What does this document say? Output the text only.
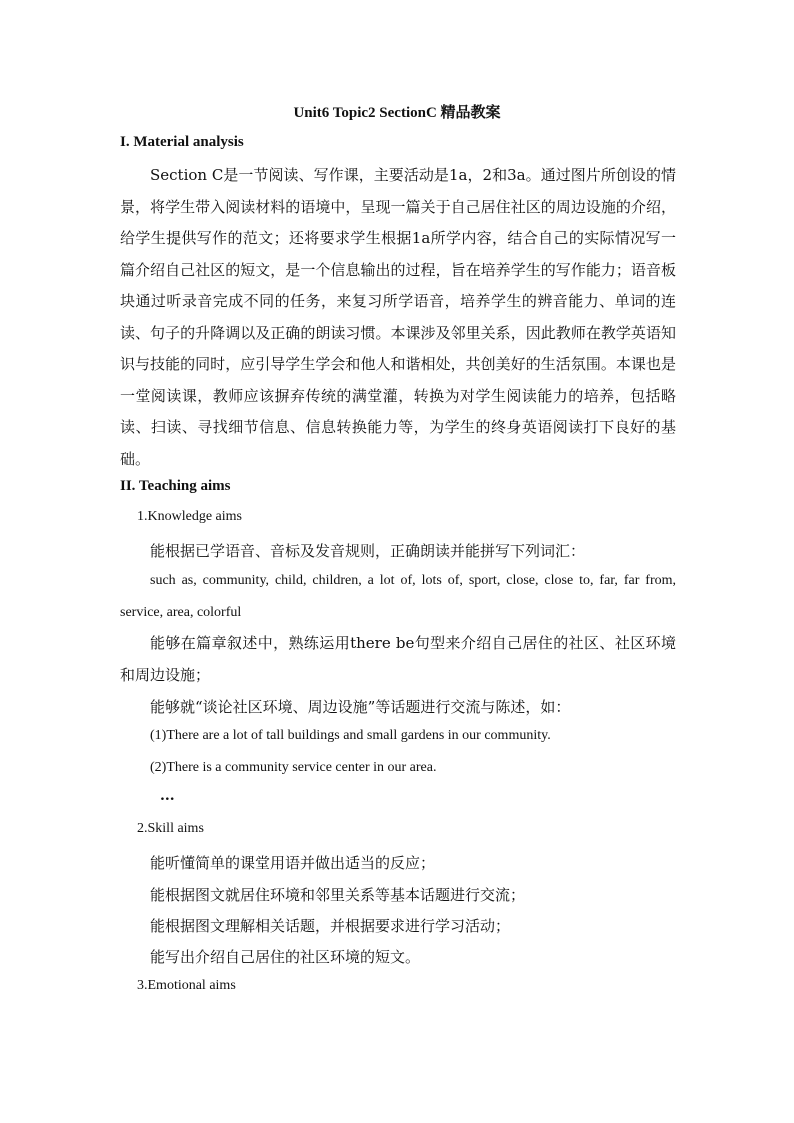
Unit6 Topic2 SectionC 精品教案
I. Material analysis

Section C是一节阅读、写作课，主要活动是1a，2和3a。通过图片所创设的情景，将学生带入阅读材料的语境中，呈现一篇关于自己居住社区的周边设施的介绍，给学生提供写作的范文；还将要求学生根据1a所学内容，结合自己的实际情况写一篇介绍自己社区的短文，是一个信息输出的过程，旨在培养学生的写作能力；语音板块通过听录音完成不同的任务，来复习所学语音，培养学生的辨音能力、单词的连读、句子的升降调以及正确的朗读习惯。本课涉及邻里关系，因此教师在教学英语知识与技能的同时，应引导学生学会和他人和谐相处，共创美好的生活氛围。本课也是一堂阅读课，教师应该摒弃传统的满堂灌，转换为对学生阅读能力的培养，包括略读、扫读、寻找细节信息、信息转换能力等，为学生的终身英语阅读打下良好的基础。

II. Teaching aims
1.Knowledge aims
能根据已学语音、音标及发音规则，正确朗读并能拼写下列词汇：

such as, community, child, children, a lot of, lots of, sport, close, close to, far, far from, service, area, colorful

能够在篇章叙述中，熟练运用there be句型来介绍自己居住的社区、社区环境和周边设施；

能够就“谈论社区环境、周边设施”等话题进行交流与陈述，如：
(1)There are a lot of tall buildings and small gardens in our community.
(2)There is a community service center in our area.
...
2.Skill aims
能听懂简单的课堂用语并做出适当的反应；
能根据图文就居住环境和邻里关系等基本话题进行交流；
能根据图文理解相关话题，并根据要求进行学习活动；
能写出介绍自己居住的社区环境的短文。
3.Emotional aims
